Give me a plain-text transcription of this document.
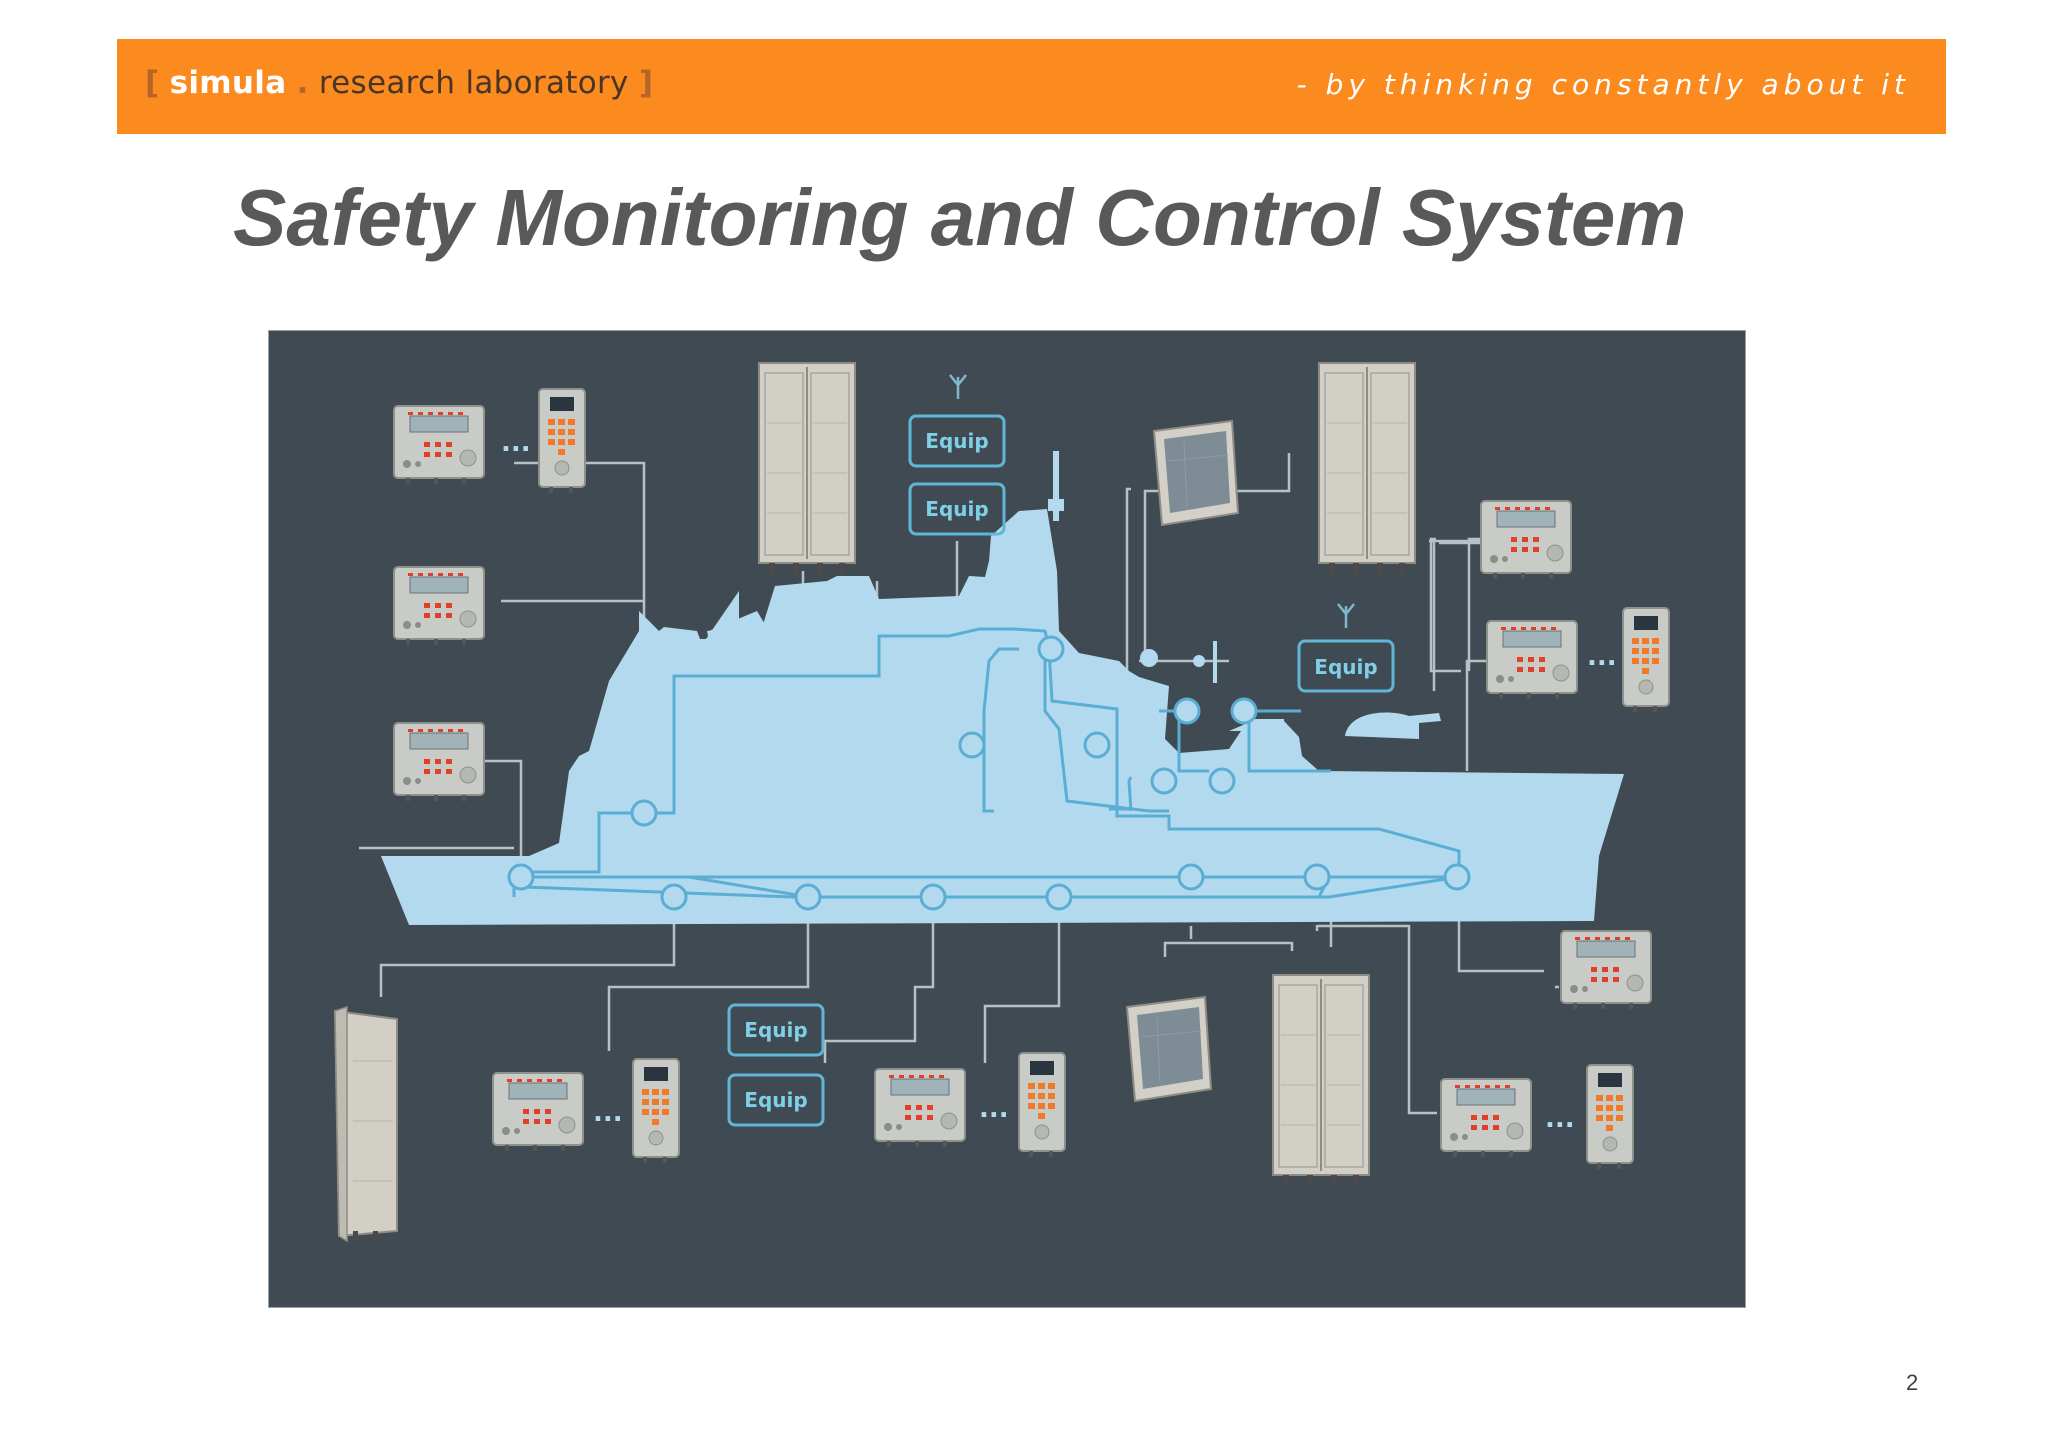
[ simula . research laboratory ]	- by thinking constantly about it
Safety Monitoring and Control System
...	Equip
Equip
Equip	...
...
Equip
Equip	...	...
2
